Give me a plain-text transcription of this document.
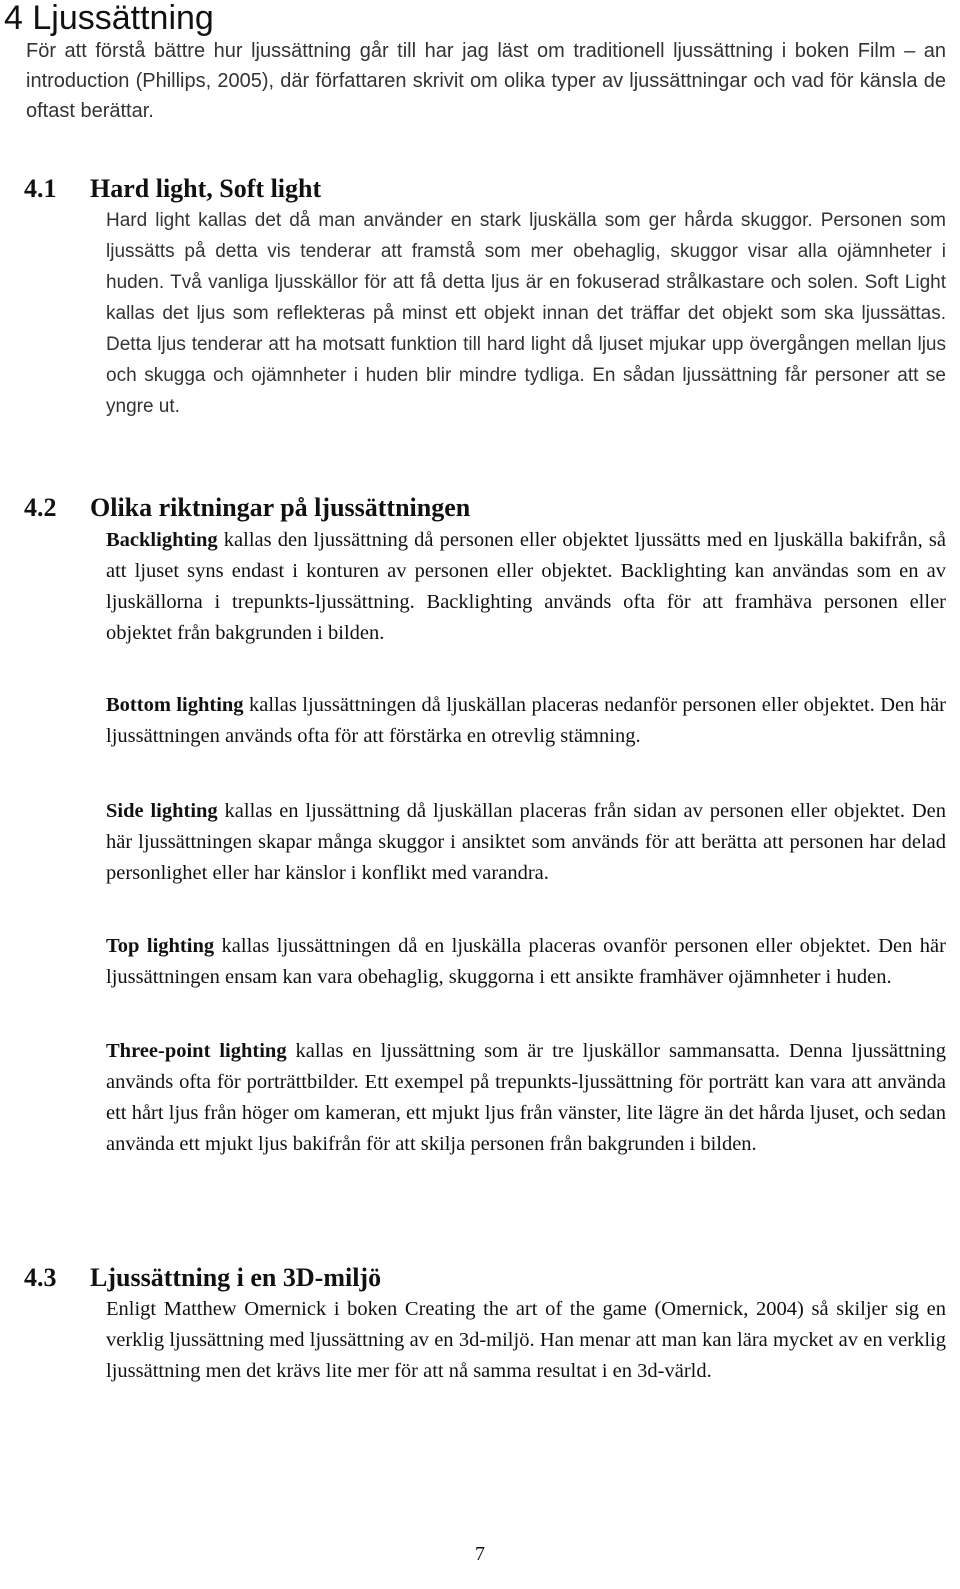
4 Ljussättning

För att förstå bättre hur ljussättning går till har jag läst om traditionell ljussättning i boken Film – an introduction (Phillips, 2005), där författaren skrivit om olika typer av ljussättningar och vad för känsla de oftast berättar.

4.1 Hard light, Soft light

Hard light kallas det då man använder en stark ljuskälla som ger hårda skuggor. Personen som ljussätts på detta vis tenderar att framstå som mer obehaglig, skuggor visar alla ojämnheter i huden. Två vanliga ljusskällor för att få detta ljus är en fokuserad strålkastare och solen. Soft Light kallas det ljus som reflekteras på minst ett objekt innan det träffar det objekt som ska ljussättas. Detta ljus tenderar att ha motsatt funktion till hard light då ljuset mjukar upp övergången mellan ljus och skugga och ojämnheter i huden blir mindre tydliga. En sådan ljussättning får personer att se yngre ut.

4.2 Olika riktningar på ljussättningen

Backlighting kallas den ljussättning då personen eller objektet ljussätts med en ljuskälla bakifrån, så att ljuset syns endast i konturen av personen eller objektet. Backlighting kan användas som en av ljuskällorna i trepunkts-ljussättning. Backlighting används ofta för att framhäva personen eller objektet från bakgrunden i bilden.

Bottom lighting kallas ljussättningen då ljuskällan placeras nedanför personen eller objektet. Den här ljussättningen används ofta för att förstärka en otrevlig stämning.

Side lighting kallas en ljussättning då ljuskällan placeras från sidan av personen eller objektet. Den här ljussättningen skapar många skuggor i ansiktet som används för att berätta att personen har delad personlighet eller har känslor i konflikt med varandra.

Top lighting kallas ljussättningen då en ljuskälla placeras ovanför personen eller objektet. Den här ljussättningen ensam kan vara obehaglig, skuggorna i ett ansikte framhäver ojämnheter i huden.

Three-point lighting kallas en ljussättning som är tre ljuskällor sammansatta. Denna ljussättning används ofta för porträttbilder. Ett exempel på trepunkts-ljussättning för porträtt kan vara att använda ett hårt ljus från höger om kameran, ett mjukt ljus från vänster, lite lägre än det hårda ljuset, och sedan använda ett mjukt ljus bakifrån för att skilja personen från bakgrunden i bilden.

4.3 Ljussättning i en 3D-miljö

Enligt Matthew Omernick i boken Creating the art of the game (Omernick, 2004) så skiljer sig en verklig ljussättning med ljussättning av en 3d-miljö. Han menar att man kan lära mycket av en verklig ljussättning men det krävs lite mer för att nå samma resultat i en 3d-värld.

7
